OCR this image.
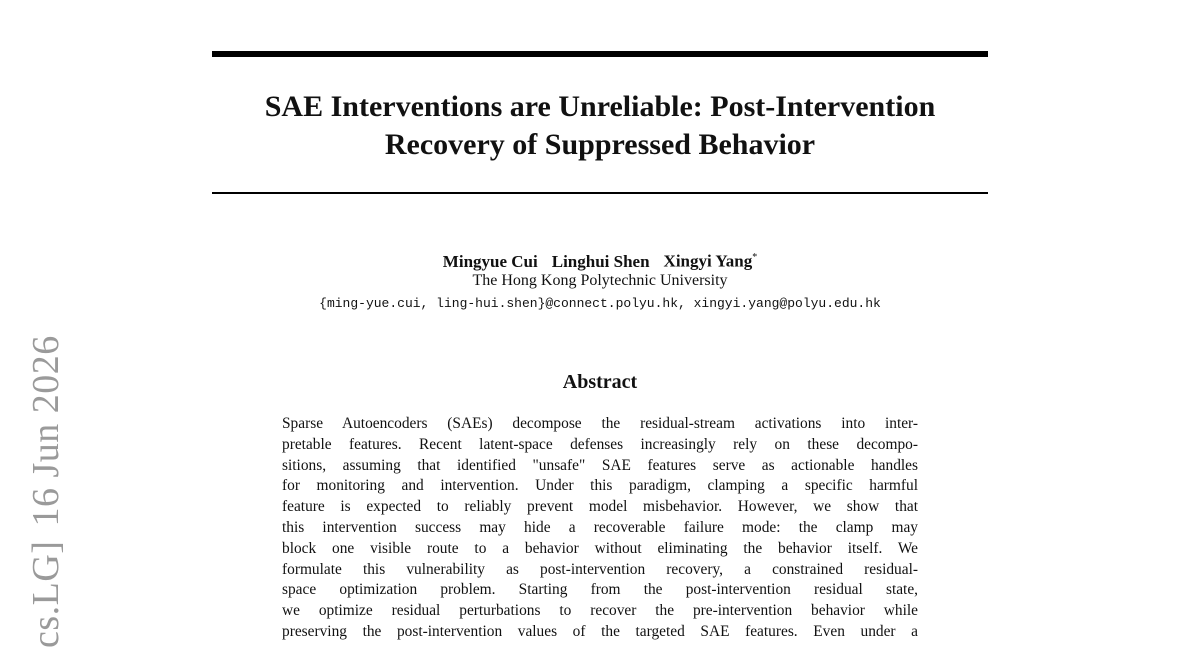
cs.LG]16 Jun 2026
SAE Interventions are Unreliable: Post-Intervention
Recovery of Suppressed Behavior
Mingyue Cui Linghui Shen Xingyi Yang*
The Hong Kong Polytechnic University
{ming-yue.cui, ling-hui.shen}@connect.polyu.hk, xingyi.yang@polyu.edu.hk
Abstract
Sparse Autoencoders (SAEs) decompose the residual-stream activations into inter-
pretable features. Recent latent-space defenses increasingly rely on these decompo-
sitions, assuming that identified "unsafe" SAE features serve as actionable handles
for monitoring and intervention. Under this paradigm, clamping a specific harmful
feature is expected to reliably prevent model misbehavior. However, we show that
this intervention success may hide a recoverable failure mode: the clamp may
block one visible route to a behavior without eliminating the behavior itself. We
formulate this vulnerability as post-intervention recovery, a constrained residual-
space optimization problem. Starting from the post-intervention residual state,
we optimize residual perturbations to recover the pre-intervention behavior while
preserving the post-intervention values of the targeted SAE features. Even under a
